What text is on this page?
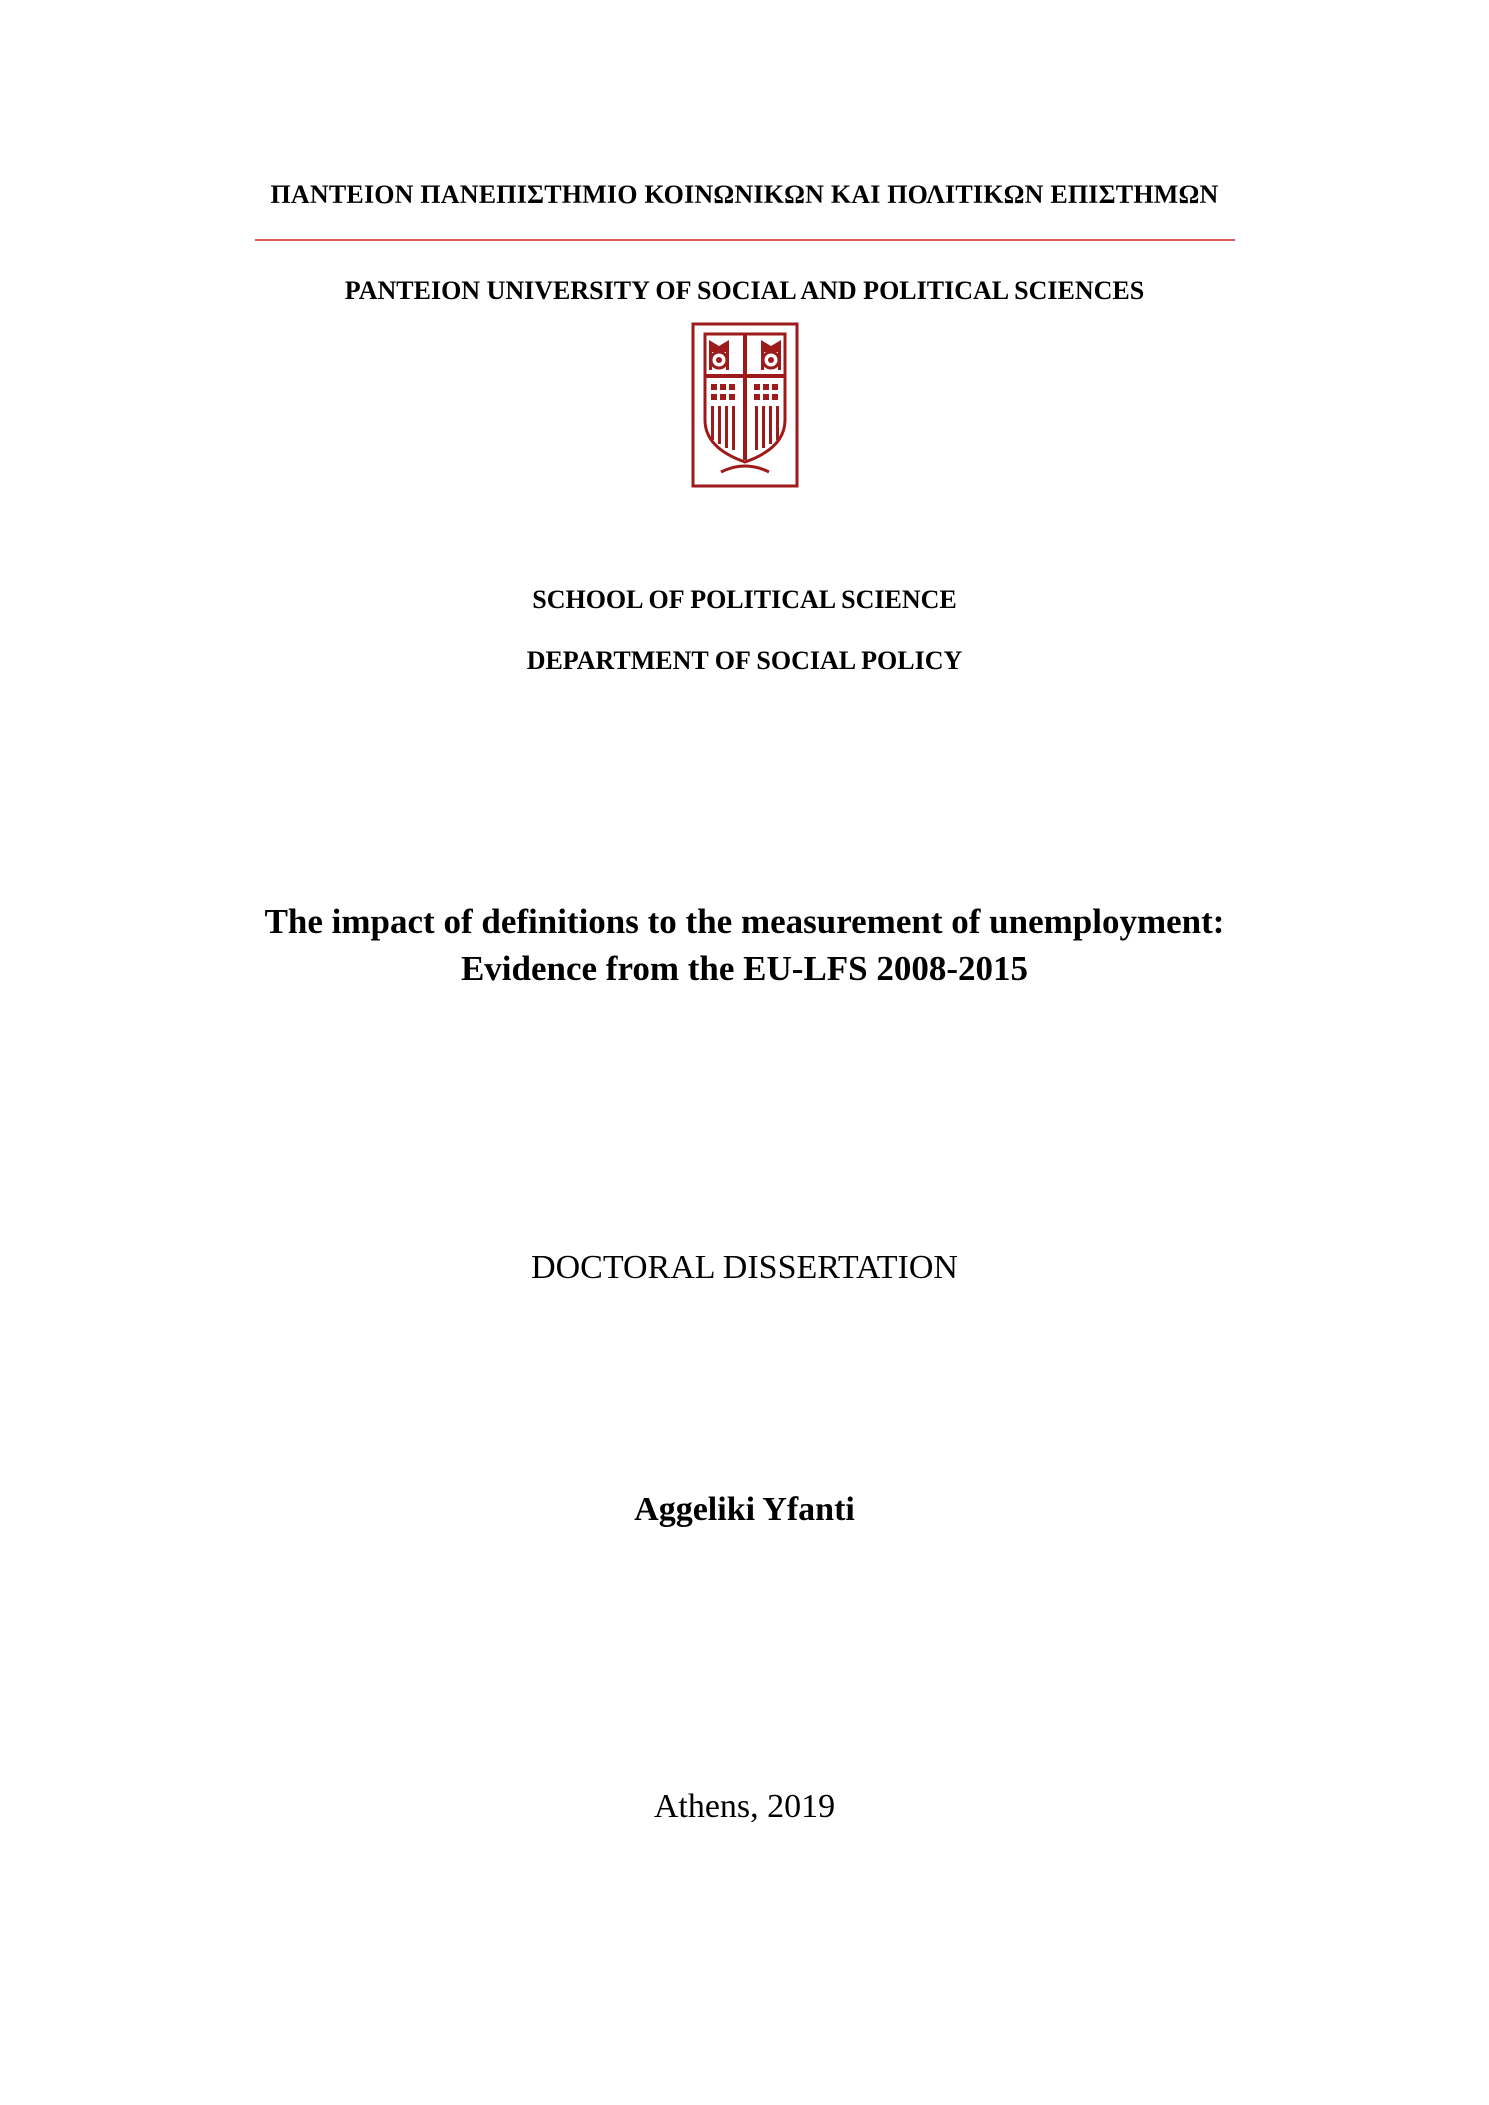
ΠΑΝΤΕΙΟΝ ΠΑΝΕΠΙΣΤΗΜΙΟ ΚΟΙΝΩΝΙΚΩΝ ΚΑΙ ΠΟΛΙΤΙΚΩΝ ΕΠΙΣΤΗΜΩΝ
PANTEION UNIVERSITY OF SOCIAL AND POLITICAL SCIENCES
SCHOOL OF POLITICAL SCIENCE
DEPARTMENT OF SOCIAL POLICY
The impact of definitions to the measurement of unemployment:
Evidence from the EU-LFS 2008-2015
DOCTORAL DISSERTATION
Aggeliki Yfanti
Athens, 2019
